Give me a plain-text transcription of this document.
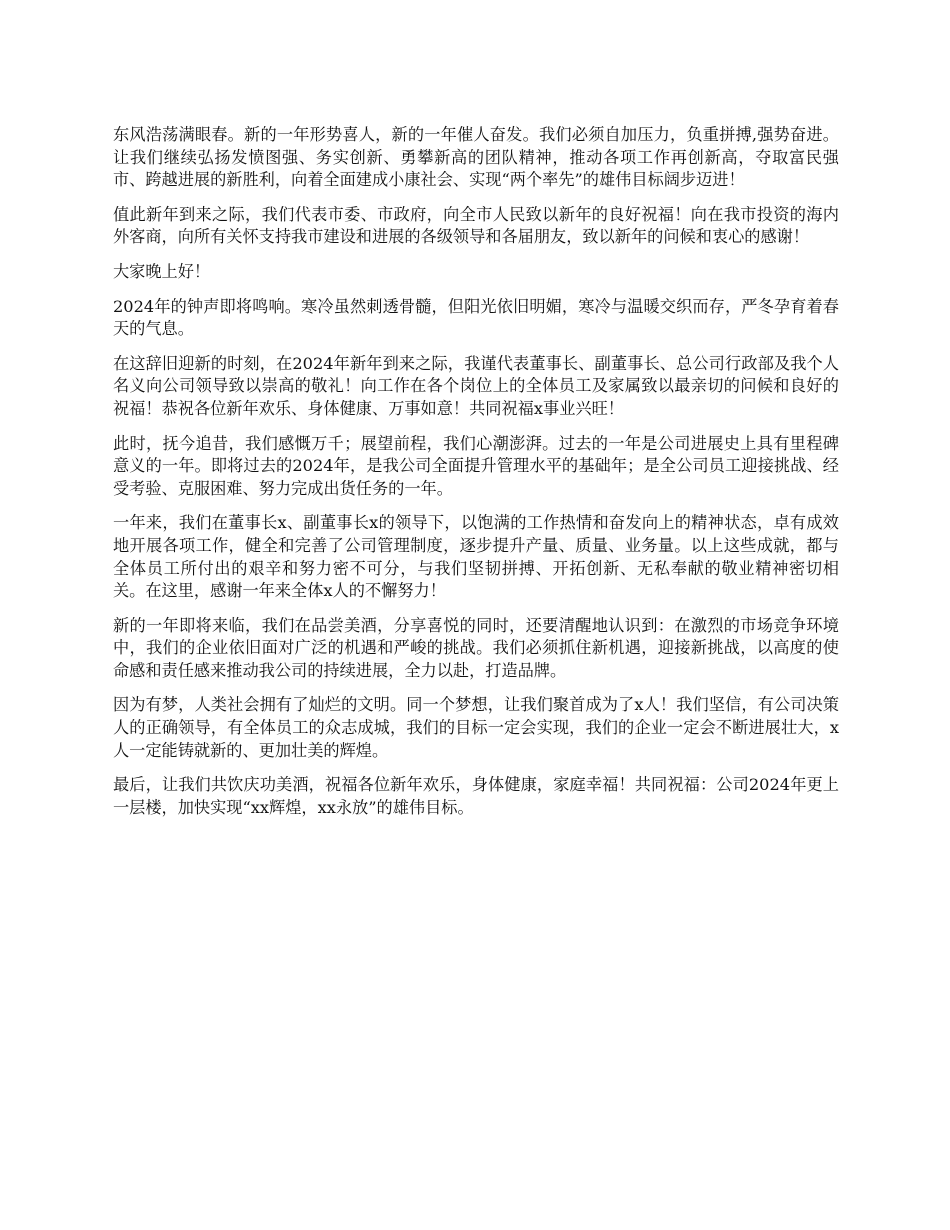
东风浩荡满眼春。新的一年形势喜人，新的一年催人奋发。我们必须自加压力，负重拼搏,强势奋进。让我们继续弘扬发愤图强、务实创新、勇攀新高的团队精神，推动各项工作再创新高，夺取富民强市、跨越进展的新胜利，向着全面建成小康社会、实现“两个率先”的雄伟目标阔步迈进！

值此新年到来之际，我们代表市委、市政府，向全市人民致以新年的良好祝福！向在我市投资的海内外客商，向所有关怀支持我市建设和进展的各级领导和各届朋友，致以新年的问候和衷心的感谢！

大家晚上好！

2024年的钟声即将鸣响。寒冷虽然刺透骨髓，但阳光依旧明媚，寒冷与温暖交织而存，严冬孕育着春天的气息。

在这辞旧迎新的时刻，在2024年新年到来之际，我谨代表董事长、副董事长、总公司行政部及我个人名义向公司领导致以崇高的敬礼！向工作在各个岗位上的全体员工及家属致以最亲切的问候和良好的祝福！恭祝各位新年欢乐、身体健康、万事如意！共同祝福x事业兴旺！

此时，抚今追昔，我们感慨万千；展望前程，我们心潮澎湃。过去的一年是公司进展史上具有里程碑意义的一年。即将过去的2024年，是我公司全面提升管理水平的基础年；是全公司员工迎接挑战、经受考验、克服困难、努力完成出货任务的一年。

一年来，我们在董事长x、副董事长x的领导下，以饱满的工作热情和奋发向上的精神状态，卓有成效地开展各项工作，健全和完善了公司管理制度，逐步提升产量、质量、业务量。以上这些成就，都与全体员工所付出的艰辛和努力密不可分，与我们坚韧拼搏、开拓创新、无私奉献的敬业精神密切相关。在这里，感谢一年来全体x人的不懈努力！

新的一年即将来临，我们在品尝美酒，分享喜悦的同时，还要清醒地认识到：在激烈的市场竞争环境中，我们的企业依旧面对广泛的机遇和严峻的挑战。我们必须抓住新机遇，迎接新挑战，以高度的使命感和责任感来推动我公司的持续进展，全力以赴，打造品牌。

因为有梦，人类社会拥有了灿烂的文明。同一个梦想，让我们聚首成为了x人！我们坚信，有公司决策人的正确领导，有全体员工的众志成城，我们的目标一定会实现，我们的企业一定会不断进展壮大，x人一定能铸就新的、更加壮美的辉煌。

最后，让我们共饮庆功美酒，祝福各位新年欢乐，身体健康，家庭幸福！共同祝福：公司2024年更上一层楼，加快实现“xx辉煌，xx永放”的雄伟目标。
